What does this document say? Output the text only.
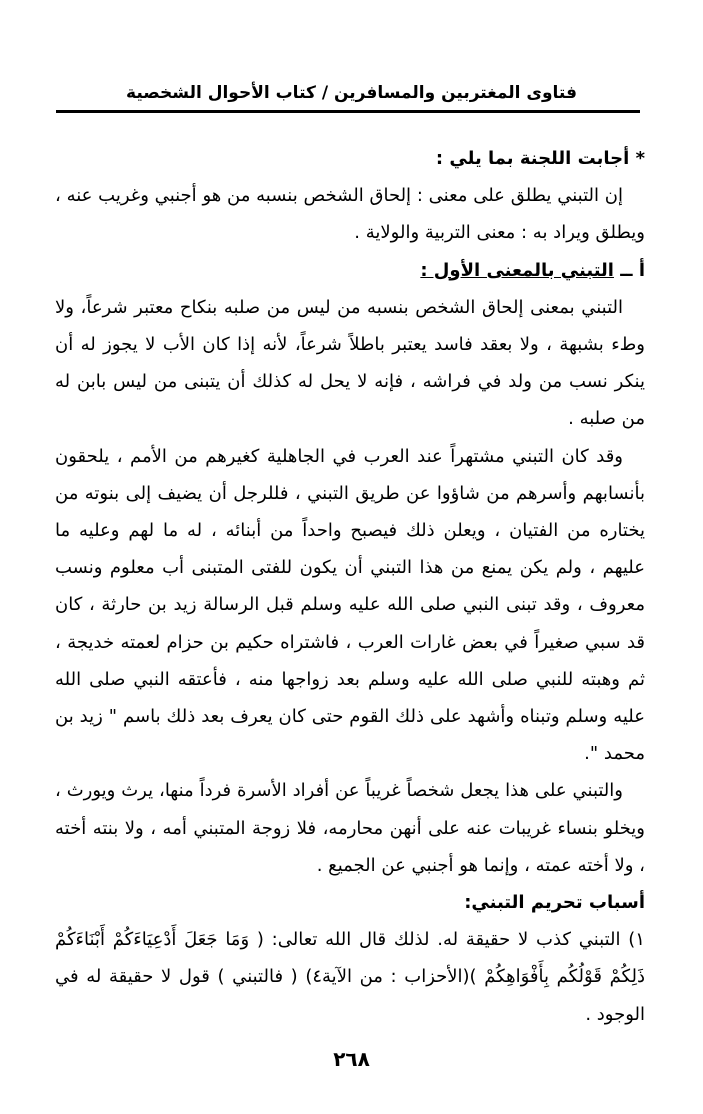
فتاوى المغتربين والمسافرين / كتاب الأحوال الشخصية

* أجابت اللجنة بما يلي :

إن التبني يطلق على معنى : إلحاق الشخص بنسبه من هو أجنبي وغريب عنه ، ويطلق ويراد به : معنى التربية والولاية .

أ ــ التبني بالمعنى الأول :

التبني بمعنى إلحاق الشخص بنسبه من ليس من صلبه بنكاح معتبر شرعاً، ولا وطء بشبهة ، ولا بعقد فاسد يعتبر باطلاً شرعاً، لأنه إذا كان الأب لا يجوز له أن ينكر نسب من ولد في فراشه ، فإنه لا يحل له كذلك أن يتبنى من ليس بابن له من صلبه .

وقد كان التبني مشتهراً عند العرب في الجاهلية كغيرهم من الأمم ، يلحقون بأنسابهم وأسرهم من شاؤوا عن طريق التبني ، فللرجل أن يضيف إلى بنوته من يختاره من الفتيان ، ويعلن ذلك فيصبح واحداً من أبنائه ، له ما لهم وعليه ما عليهم ، ولم يكن يمنع من هذا التبني أن يكون للفتى المتبنى أب معلوم ونسب معروف ، وقد تبنى النبي صلى الله عليه وسلم قبل الرسالة زيد بن حارثة ، كان قد سبي صغيراً في بعض غارات العرب ، فاشتراه حكيم بن حزام لعمته خديجة ، ثم وهبته للنبي صلى الله عليه وسلم بعد زواجها منه ، فأعتقه النبي صلى الله عليه وسلم وتبناه وأشهد على ذلك القوم حتى كان يعرف بعد ذلك باسم " زيد بن محمد ".

والتبني على هذا يجعل شخصاً غريباً عن أفراد الأسرة فرداً منها، يرث ويورث ، ويخلو بنساء غريبات عنه على أنهن محارمه، فلا زوجة المتبني أمه ، ولا بنته أخته ، ولا أخته عمته ، وإنما هو أجنبي عن الجميع .

أسباب تحريم التبني:

١) التبني كذب لا حقيقة له. لذلك قال الله تعالى: ( وَمَا جَعَلَ أَدْعِيَاءَكُمْ أَبْنَاءَكُمْ ذَلِكُمْ قَوْلُكُم بِأَفْوَاهِكُمْ )(الأحزاب : من الآية٤) ( فالتبني ) قول لا حقيقة له في الوجود .

٢٦٨
